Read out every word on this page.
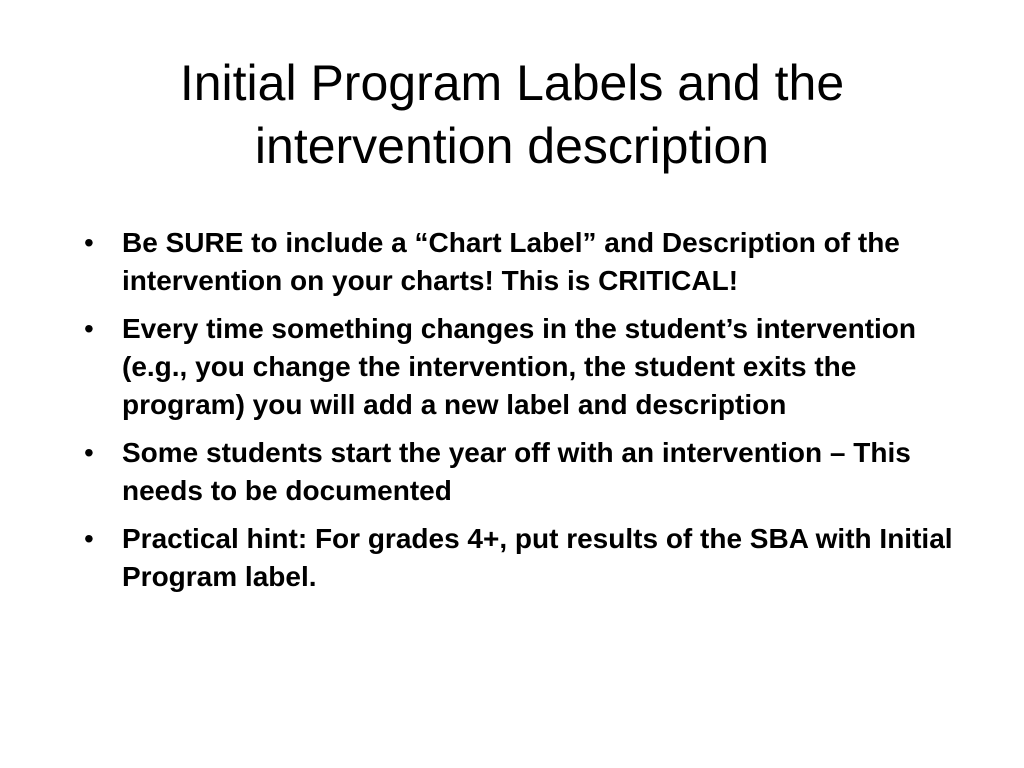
Initial Program Labels and the
intervention description
• Be SURE to include a “Chart Label” and Description of the intervention on your charts! This is CRITICAL!
• Every time something changes in the student’s intervention (e.g., you change the intervention, the student exits the program) you will add a new label and description
• Some students start the year off with an intervention – This needs to be documented
• Practical hint: For grades 4+, put results of the SBA with Initial Program label.
